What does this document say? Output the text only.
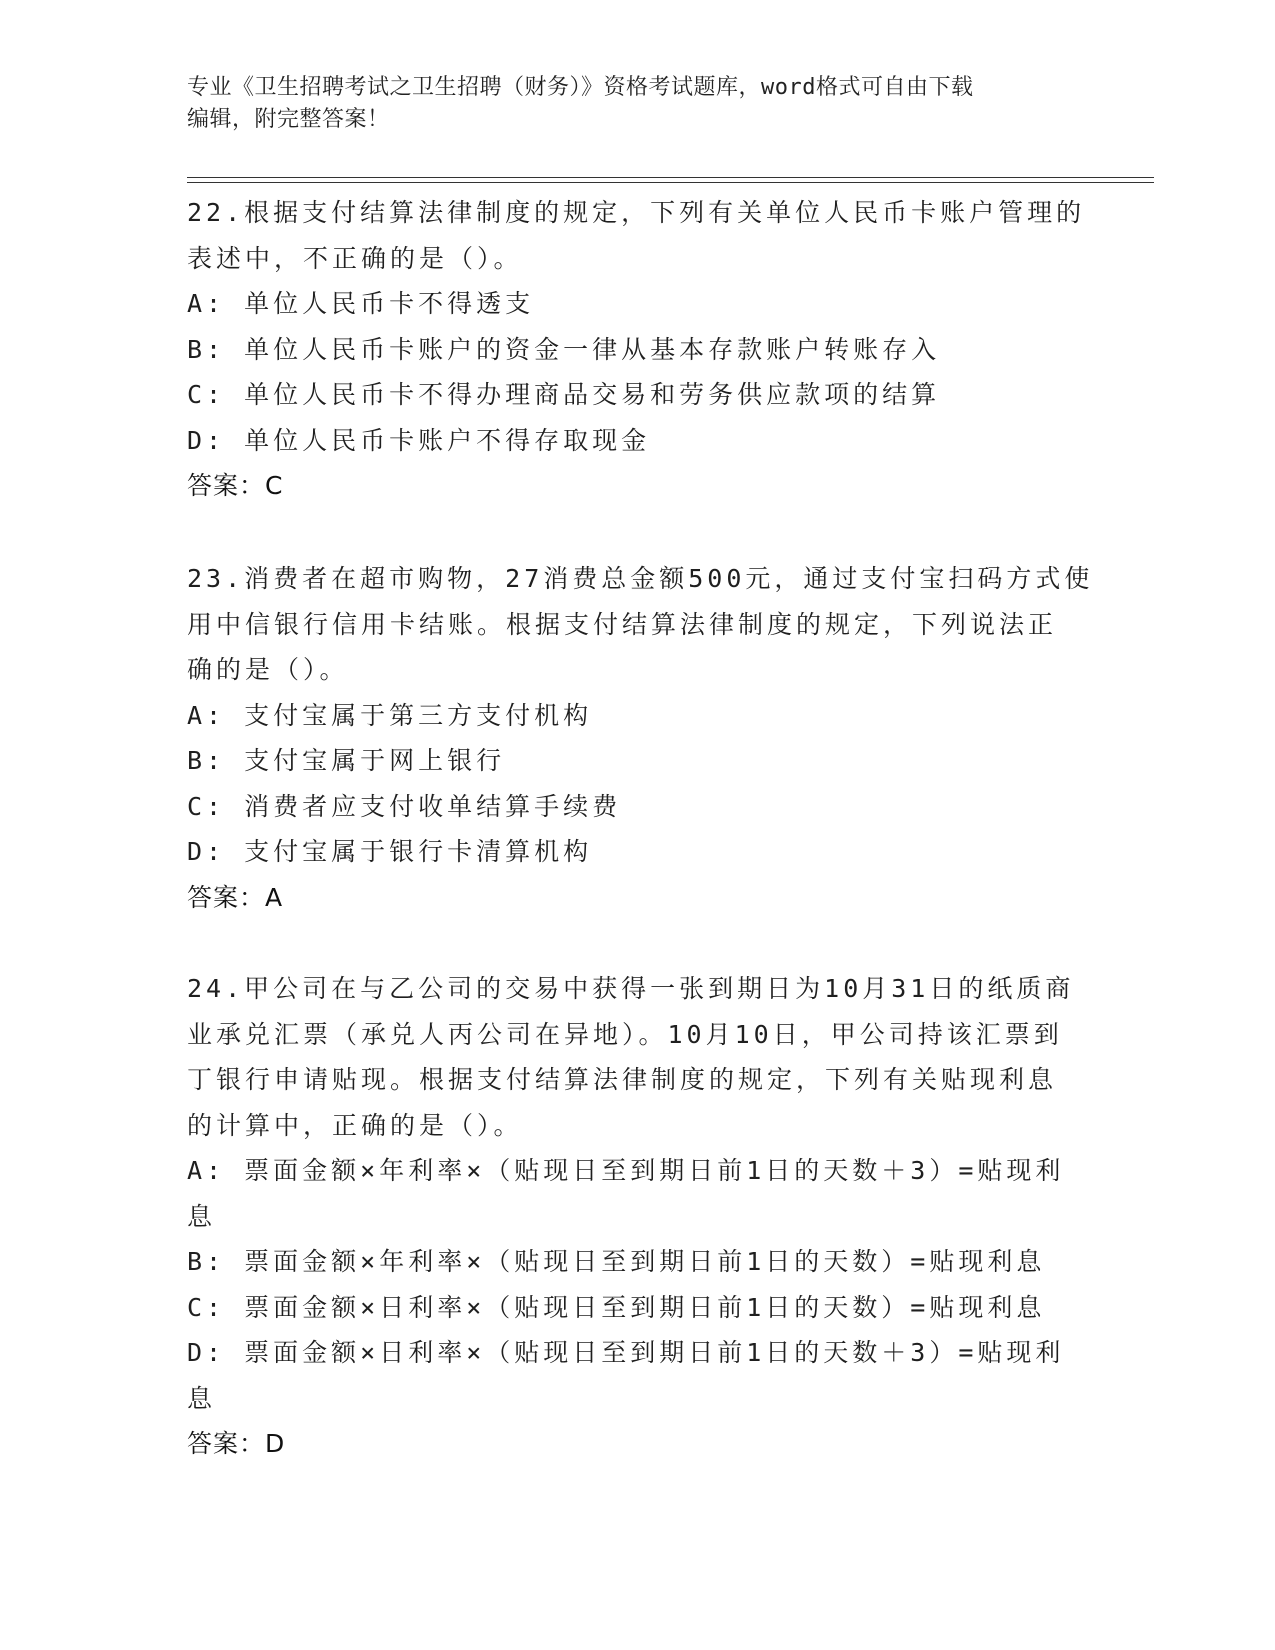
专业《卫生招聘考试之卫生招聘（财务）》资格考试题库，word格式可自由下载
编辑，附完整答案！
22.根据支付结算法律制度的规定，下列有关单位人民币卡账户管理的
表述中，不正确的是（）。
A: 单位人民币卡不得透支
B: 单位人民币卡账户的资金一律从基本存款账户转账存入
C: 单位人民币卡不得办理商品交易和劳务供应款项的结算
D: 单位人民币卡账户不得存取现金
答案：C
23.消费者在超市购物，27消费总金额500元，通过支付宝扫码方式使
用中信银行信用卡结账。根据支付结算法律制度的规定，下列说法正
确的是（）。
A: 支付宝属于第三方支付机构
B: 支付宝属于网上银行
C: 消费者应支付收单结算手续费
D: 支付宝属于银行卡清算机构
答案：A
24.甲公司在与乙公司的交易中获得一张到期日为10月31日的纸质商
业承兑汇票（承兑人丙公司在异地）。10月10日，甲公司持该汇票到
丁银行申请贴现。根据支付结算法律制度的规定，下列有关贴现利息
的计算中，正确的是（）。
A: 票面金额×年利率×（贴现日至到期日前1日的天数＋3）=贴现利
息
B: 票面金额×年利率×（贴现日至到期日前1日的天数）=贴现利息
C: 票面金额×日利率×（贴现日至到期日前1日的天数）=贴现利息
D: 票面金额×日利率×（贴现日至到期日前1日的天数＋3）=贴现利
息
答案：D
